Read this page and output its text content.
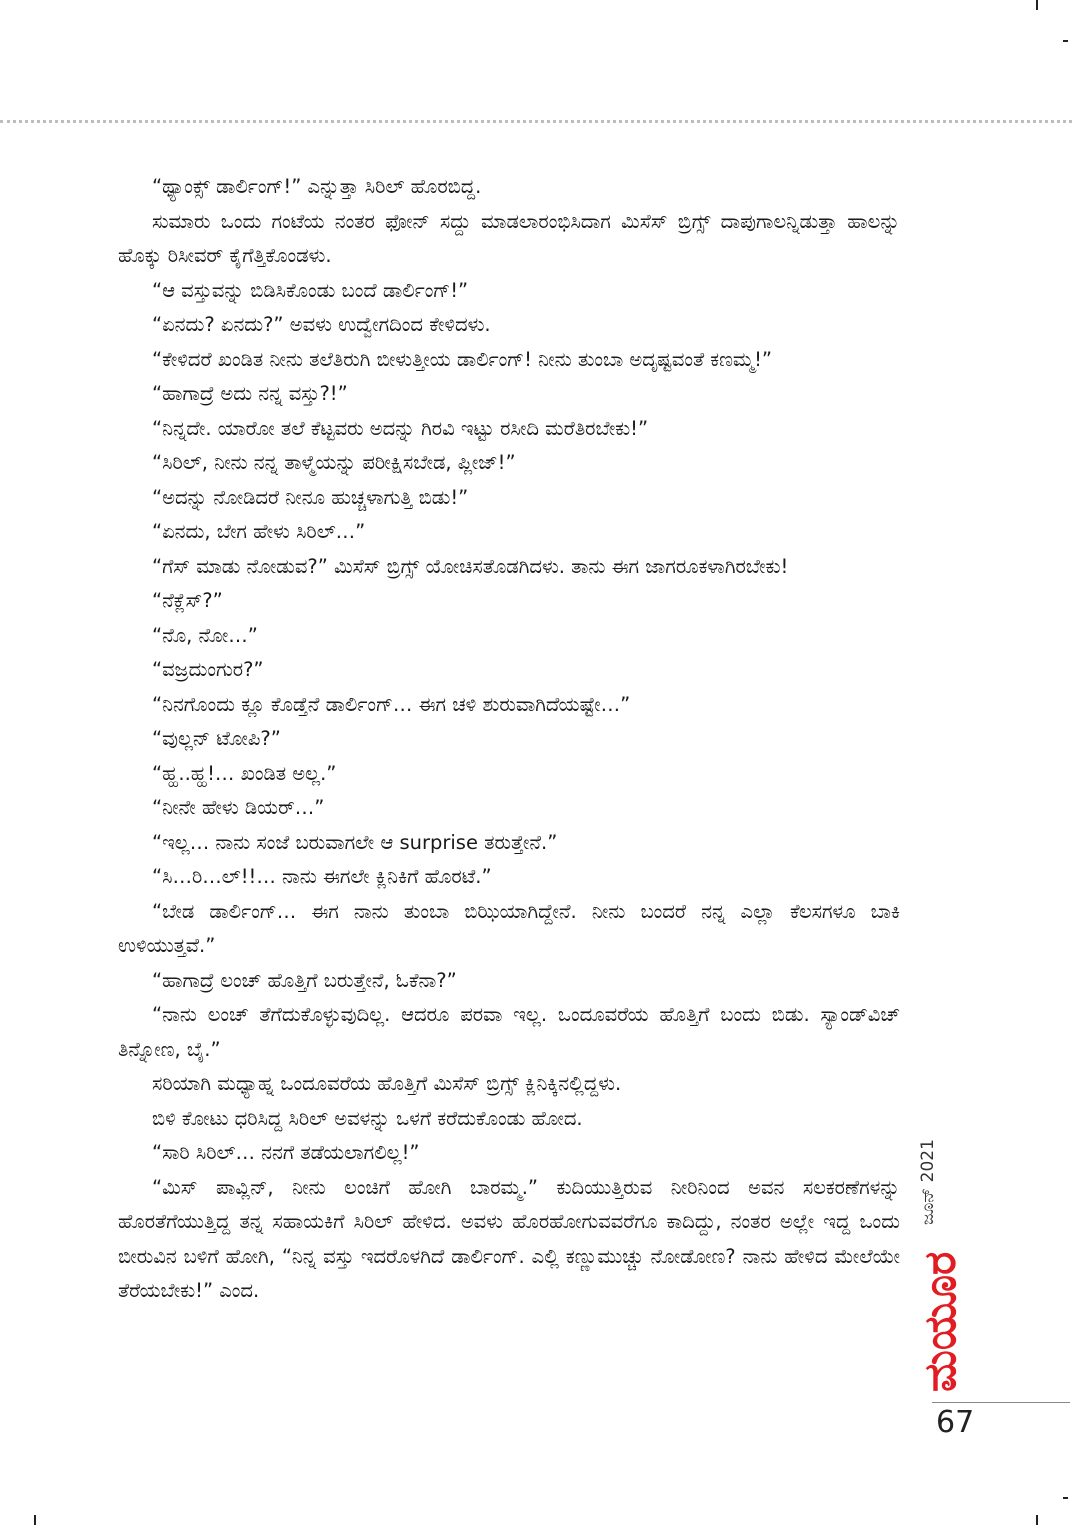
“ಥ್ಯಾಂಕ್ಸ್ ಡಾರ್ಲಿಂಗ್!” ಎನ್ನುತ್ತಾ ಸಿರಿಲ್ ಹೊರಬಿದ್ದ.

ಸುಮಾರು ಒಂದು ಗಂಟೆಯ ನಂತರ ಫೋನ್ ಸದ್ದು ಮಾಡಲಾರಂಭಿಸಿದಾಗ ಮಿಸೆಸ್ ಬ್ರಿಗ್ಸ್ ದಾಪುಗಾಲನ್ನಿಡುತ್ತಾ ಹಾಲನ್ನು ಹೊಕ್ಕು ರಿಸೀವರ್ ಕೈಗೆತ್ತಿಕೊಂಡಳು.

“ಆ ವಸ್ತುವನ್ನು ಬಿಡಿಸಿಕೊಂಡು ಬಂದೆ ಡಾರ್ಲಿಂಗ್!”

“ಏನದು? ಏನದು?” ಅವಳು ಉದ್ವೇಗದಿಂದ ಕೇಳಿದಳು.

“ಕೇಳಿದರೆ ಖಂಡಿತ ನೀನು ತಲೆತಿರುಗಿ ಬೀಳುತ್ತೀಯ ಡಾರ್ಲಿಂಗ್! ನೀನು ತುಂಬಾ ಅದೃಷ್ಟವಂತೆ ಕಣಮ್ಮ!”

“ಹಾಗಾದ್ರೆ ಅದು ನನ್ನ ವಸ್ತು?!”

“ನಿನ್ನದೇ. ಯಾರೋ ತಲೆ ಕೆಟ್ಟವರು ಅದನ್ನು ಗಿರವಿ ಇಟ್ಟು ರಸೀದಿ ಮರೆತಿರಬೇಕು!”

“ಸಿರಿಲ್, ನೀನು ನನ್ನ ತಾಳ್ಮೆಯನ್ನು ಪರೀಕ್ಷಿಸಬೇಡ, ಪ್ಲೀಜ್!”

“ಅದನ್ನು ನೋಡಿದರೆ ನೀನೂ ಹುಚ್ಚಳಾಗುತ್ತಿ ಬಿಡು!”

“ಏನದು, ಬೇಗ ಹೇಳು ಸಿರಿಲ್…”

“ಗೆಸ್ ಮಾಡು ನೋಡುವ?” ಮಿಸೆಸ್ ಬ್ರಿಗ್ಸ್ ಯೋಚಿಸತೊಡಗಿದಳು. ತಾನು ಈಗ ಜಾಗರೂಕಳಾಗಿರಬೇಕು!

“ನೆಕ್ಲೆಸ್?”

“ನೊ, ನೋ…”

“ವಜ್ರದುಂಗುರ?”

“ನಿನಗೊಂದು ಕ್ಲೂ ಕೊಡ್ತೆನೆ ಡಾರ್ಲಿಂಗ್… ಈಗ ಚಳಿ ಶುರುವಾಗಿದೆಯಷ್ಟೇ…”

“ವುಲ್ಲನ್ ಟೋಪಿ?”

“ಹ್ಹ..ಹ್ಹ!… ಖಂಡಿತ ಅಲ್ಲ.”

“ನೀನೇ ಹೇಳು ಡಿಯರ್…”

“ಇಲ್ಲ… ನಾನು ಸಂಜೆ ಬರುವಾಗಲೇ ಆ surprise ತರುತ್ತೇನೆ.”

“ಸಿ…ರಿ…ಲ್!!… ನಾನು ಈಗಲೇ ಕ್ಲಿನಿಕಿಗೆ ಹೊರಟೆ.”

“ಬೇಡ ಡಾರ್ಲಿಂಗ್… ಈಗ ನಾನು ತುಂಬಾ ಬಿಝಿಯಾಗಿದ್ದೇನೆ. ನೀನು ಬಂದರೆ ನನ್ನ ಎಲ್ಲಾ ಕೆಲಸಗಳೂ ಬಾಕಿ ಉಳಿಯುತ್ತವೆ.”

“ಹಾಗಾದ್ರೆ ಲಂಚ್ ಹೊತ್ತಿಗೆ ಬರುತ್ತೇನೆ, ಓಕೆನಾ?”

“ನಾನು ಲಂಚ್ ತೆಗೆದುಕೊಳ್ಳುವುದಿಲ್ಲ. ಆದರೂ ಪರವಾ ಇಲ್ಲ. ಒಂದೂವರೆಯ ಹೊತ್ತಿಗೆ ಬಂದು ಬಿಡು. ಸ್ಯಾಂಡ್‌ವಿಚ್ ತಿನ್ನೋಣ, ಬೈ.”

ಸರಿಯಾಗಿ ಮಧ್ಯಾಹ್ನ ಒಂದೂವರೆಯ ಹೊತ್ತಿಗೆ ಮಿಸೆಸ್ ಬ್ರಿಗ್ಸ್ ಕ್ಲಿನಿಕ್ಕಿನಲ್ಲಿದ್ದಳು.

ಬಿಳಿ ಕೋಟು ಧರಿಸಿದ್ದ ಸಿರಿಲ್ ಅವಳನ್ನು ಒಳಗೆ ಕರೆದುಕೊಂಡು ಹೋದ.

“ಸಾರಿ ಸಿರಿಲ್… ನನಗೆ ತಡೆಯಲಾಗಲಿಲ್ಲ!”

“ಮಿಸ್ ಪಾವ್ಲಿನ್, ನೀನು ಲಂಚಿಗೆ ಹೋಗಿ ಬಾರಮ್ಮ.” ಕುದಿಯುತ್ತಿರುವ ನೀರಿನಿಂದ ಅವನ ಸಲಕರಣೆಗಳನ್ನು ಹೊರತೆಗೆಯುತ್ತಿದ್ದ ತನ್ನ ಸಹಾಯಕಿಗೆ ಸಿರಿಲ್ ಹೇಳಿದ. ಅವಳು ಹೊರಹೋಗುವವರೆಗೂ ಕಾದಿದ್ದು, ನಂತರ ಅಲ್ಲೇ ಇದ್ದ ಒಂದು ಬೀರುವಿನ ಬಳಿಗೆ ಹೋಗಿ, “ನಿನ್ನ ವಸ್ತು ಇದರೊಳಗಿದೆ ಡಾರ್ಲಿಂಗ್. ಎಲ್ಲಿ ಕಣ್ಣುಮುಚ್ಚು ನೋಡೋಣ? ನಾನು ಹೇಳಿದ ಮೇಲೆಯೇ ತೆರೆಯಬೇಕು!” ಎಂದ.

ಜೂನ್ 2021
ಮಯೂರ
67
